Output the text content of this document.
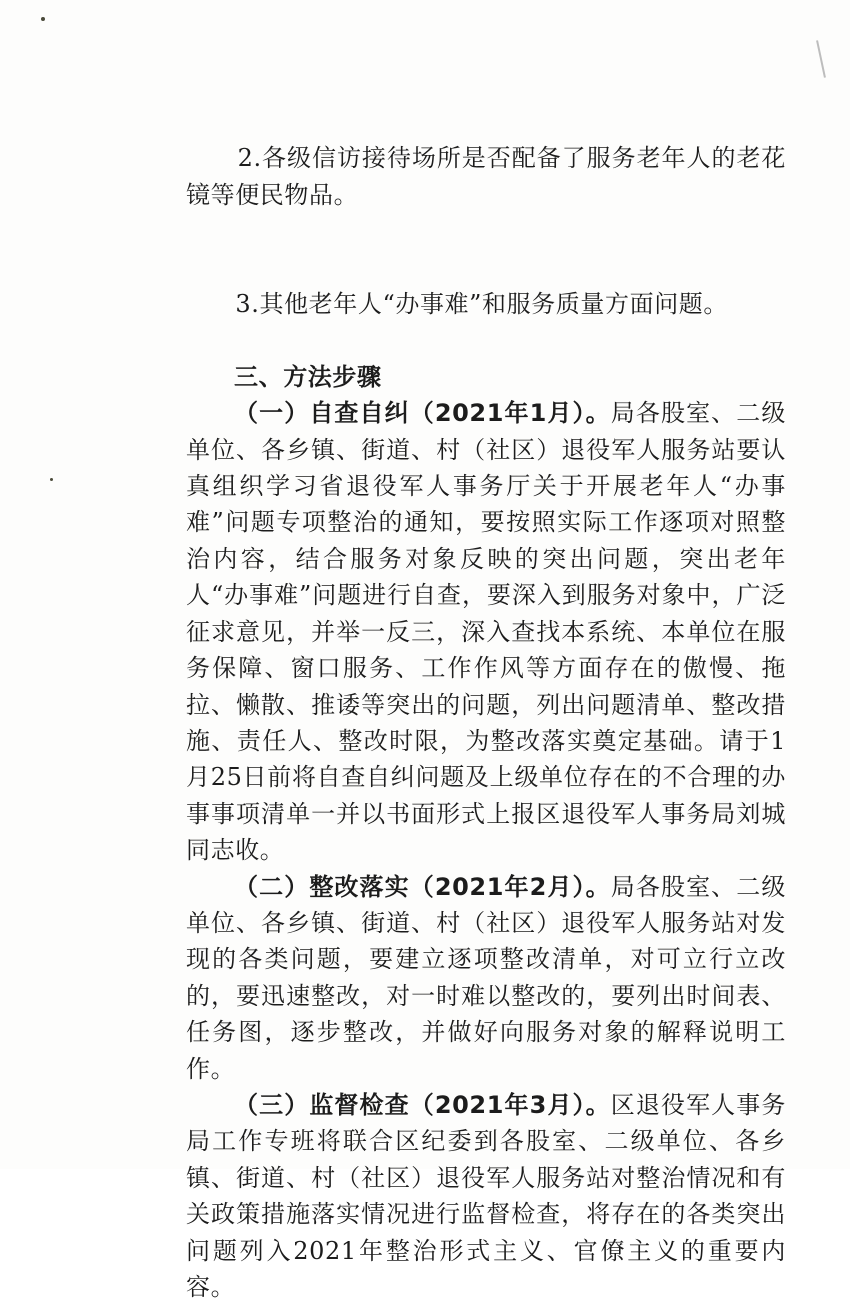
2.各级信访接待场所是否配备了服务老年人的老花镜等便民物品。

3.其他老年人“办事难”和服务质量方面问题。

三、方法步骤

（一）自查自纠（2021年1月）。局各股室、二级单位、各乡镇、街道、村（社区）退役军人服务站要认真组织学习省退役军人事务厅关于开展老年人“办事难”问题专项整治的通知，要按照实际工作逐项对照整治内容，结合服务对象反映的突出问题，突出老年人“办事难”问题进行自查，要深入到服务对象中，广泛征求意见，并举一反三，深入查找本系统、本单位在服务保障、窗口服务、工作作风等方面存在的傲慢、拖拉、懒散、推诿等突出的问题，列出问题清单、整改措施、责任人、整改时限，为整改落实奠定基础。请于1月25日前将自查自纠问题及上级单位存在的不合理的办事事项清单一并以书面形式上报区退役军人事务局刘城同志收。

（二）整改落实（2021年2月）。局各股室、二级单位、各乡镇、街道、村（社区）退役军人服务站对发现的各类问题，要建立逐项整改清单，对可立行立改的，要迅速整改，对一时难以整改的，要列出时间表、任务图，逐步整改，并做好向服务对象的解释说明工作。

（三）监督检查（2021年3月）。区退役军人事务局工作专班将联合区纪委到各股室、二级单位、各乡镇、街道、村（社区）退役军人服务站对整治情况和有关政策措施落实情况进行监督检查，将存在的各类突出问题列入2021年整治形式主义、官僚主义的重要内容。
